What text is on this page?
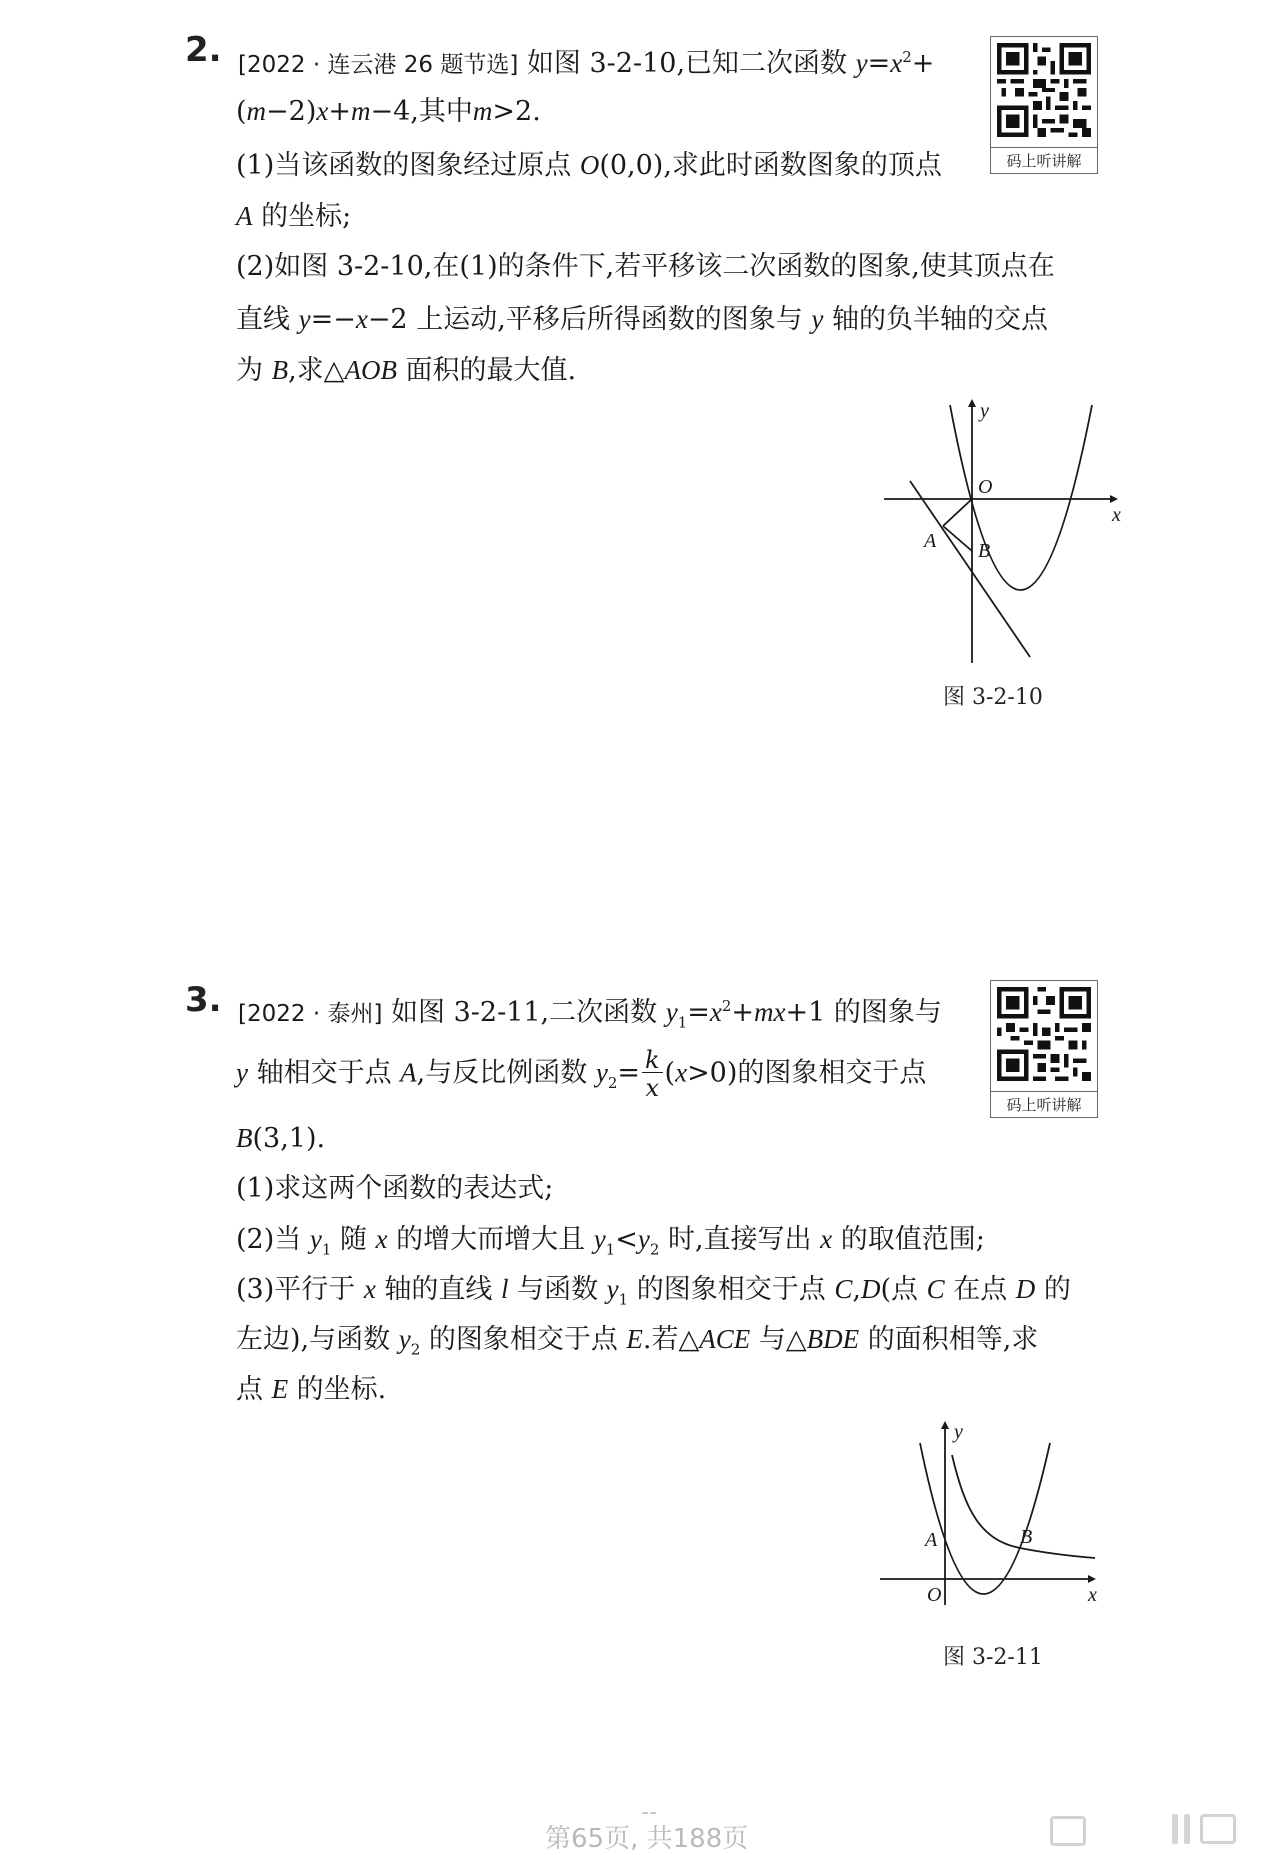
2. [2022 · 连云港 26 题节选] 如图 3-2-10,已知二次函数 $y=x^2+$
(m−2)x+m−4,其中m>2.
(1)当该函数的图象经过原点 O(0,0),求此时函数图象的顶点
A 的坐标;
(2)如图 3-2-10,在(1)的条件下,若平移该二次函数的图象,使其顶点在
直线 y=−x−2 上运动,平移后所得函数的图象与 y 轴的负半轴的交点
为 B,求△AOB 面积的最大值.
码上听讲解
y
x
O
A B
图 3-2-10
3. [2022 · 泰州] 如图 3-2-11,二次函数 $y_1=x^2+mx+1$ 的图象与
y 轴相交于点 A,与反比例函数 $y_2= \frac{k}{x} (x>0)$的图象相交于点
B(3,1).
(1)求这两个函数的表达式;
(2)当 $y_1$ 随 x 的增大而增大且 $y_1<y_2$ 时,直接写出 x 的取值范围;
(3)平行于 x 轴的直线 l 与函数 $y_1$ 的图象相交于点 C,D(点 C 在点 D 的
左边),与函数 $y_2$ 的图象相交于点 E.若△ACE 与△BDE 的面积相等,求
点 E 的坐标.
码上听讲解
y
x
O
A	B
图 3-2-11
--
第65页, 共188页
